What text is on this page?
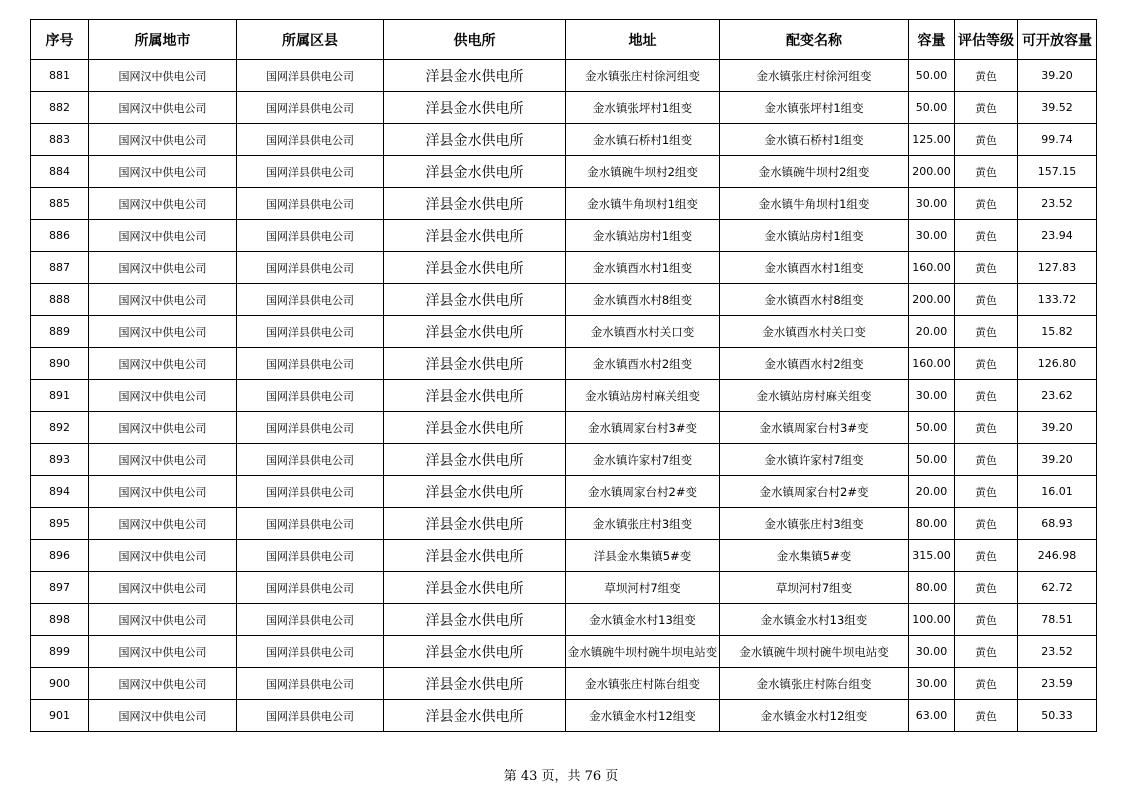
序号	所属地市	所属区县	供电所	地址	配变名称	容量	评估等级	可开放容量
881	国网汉中供电公司	国网洋县供电公司	洋县金水供电所	金水镇张庄村徐河组变	金水镇张庄村徐河组变	50.00	黄色	39.20
882	国网汉中供电公司	国网洋县供电公司	洋县金水供电所	金水镇张坪村1组变	金水镇张坪村1组变	50.00	黄色	39.52
883	国网汉中供电公司	国网洋县供电公司	洋县金水供电所	金水镇石桥村1组变	金水镇石桥村1组变	125.00	黄色	99.74
884	国网汉中供电公司	国网洋县供电公司	洋县金水供电所	金水镇碗牛坝村2组变	金水镇碗牛坝村2组变	200.00	黄色	157.15
885	国网汉中供电公司	国网洋县供电公司	洋县金水供电所	金水镇牛角坝村1组变	金水镇牛角坝村1组变	30.00	黄色	23.52
886	国网汉中供电公司	国网洋县供电公司	洋县金水供电所	金水镇站房村1组变	金水镇站房村1组变	30.00	黄色	23.94
887	国网汉中供电公司	国网洋县供电公司	洋县金水供电所	金水镇酉水村1组变	金水镇酉水村1组变	160.00	黄色	127.83
888	国网汉中供电公司	国网洋县供电公司	洋县金水供电所	金水镇酉水村8组变	金水镇酉水村8组变	200.00	黄色	133.72
889	国网汉中供电公司	国网洋县供电公司	洋县金水供电所	金水镇酉水村关口变	金水镇酉水村关口变	20.00	黄色	15.82
890	国网汉中供电公司	国网洋县供电公司	洋县金水供电所	金水镇酉水村2组变	金水镇酉水村2组变	160.00	黄色	126.80
891	国网汉中供电公司	国网洋县供电公司	洋县金水供电所	金水镇站房村麻关组变	金水镇站房村麻关组变	30.00	黄色	23.62
892	国网汉中供电公司	国网洋县供电公司	洋县金水供电所	金水镇周家台村3#变	金水镇周家台村3#变	50.00	黄色	39.20
893	国网汉中供电公司	国网洋县供电公司	洋县金水供电所	金水镇许家村7组变	金水镇许家村7组变	50.00	黄色	39.20
894	国网汉中供电公司	国网洋县供电公司	洋县金水供电所	金水镇周家台村2#变	金水镇周家台村2#变	20.00	黄色	16.01
895	国网汉中供电公司	国网洋县供电公司	洋县金水供电所	金水镇张庄村3组变	金水镇张庄村3组变	80.00	黄色	68.93
896	国网汉中供电公司	国网洋县供电公司	洋县金水供电所	洋县金水集镇5#变	金水集镇5#变	315.00	黄色	246.98
897	国网汉中供电公司	国网洋县供电公司	洋县金水供电所	草坝河村7组变	草坝河村7组变	80.00	黄色	62.72
898	国网汉中供电公司	国网洋县供电公司	洋县金水供电所	金水镇金水村13组变	金水镇金水村13组变	100.00	黄色	78.51
899	国网汉中供电公司	国网洋县供电公司	洋县金水供电所	金水镇碗牛坝村碗牛坝电站变	金水镇碗牛坝村碗牛坝电站变	30.00	黄色	23.52
900	国网汉中供电公司	国网洋县供电公司	洋县金水供电所	金水镇张庄村陈台组变	金水镇张庄村陈台组变	30.00	黄色	23.59
901	国网汉中供电公司	国网洋县供电公司	洋县金水供电所	金水镇金水村12组变	金水镇金水村12组变	63.00	黄色	50.33
第 43 页，共 76 页
